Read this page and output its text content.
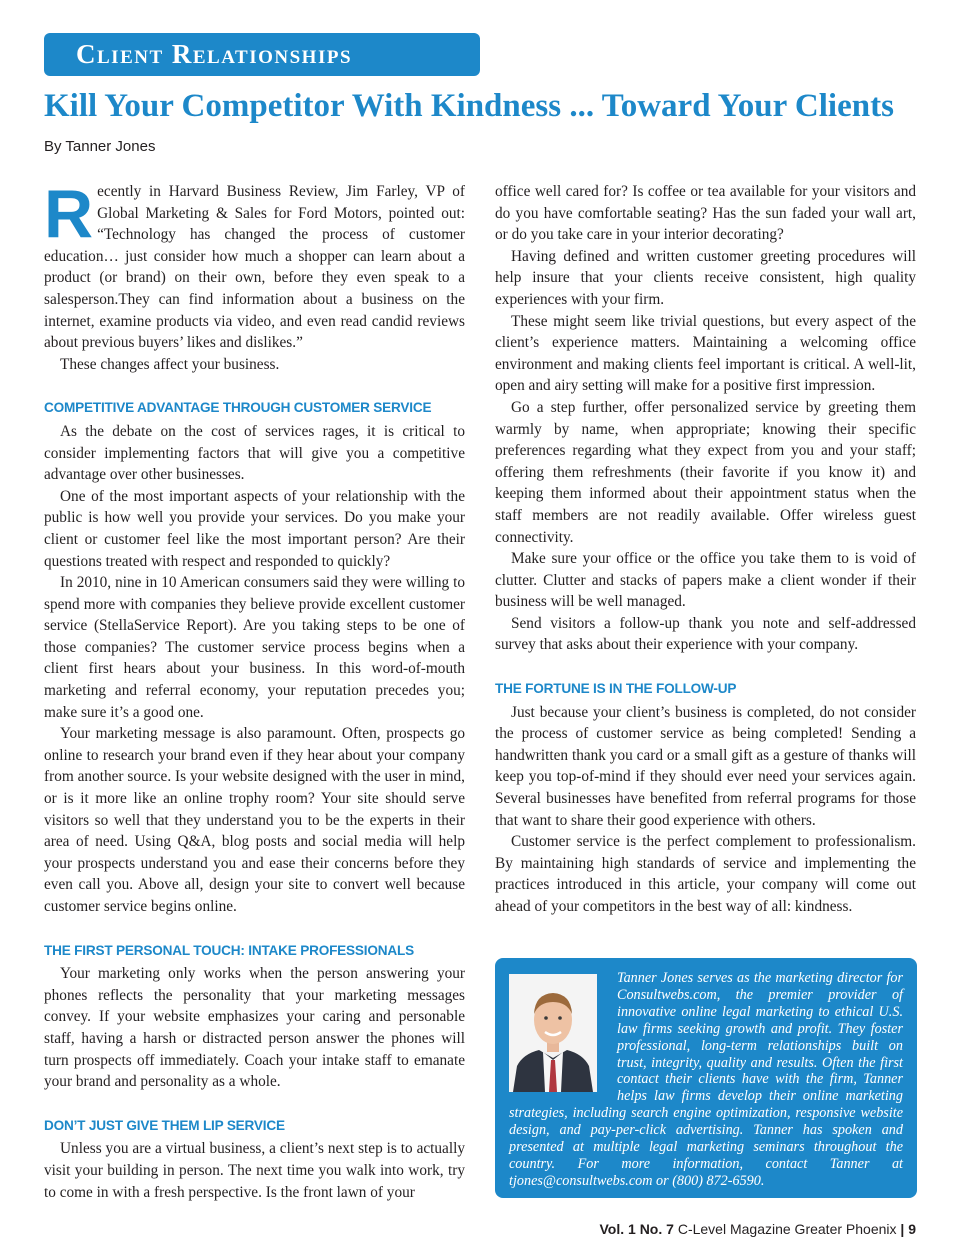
Client Relationships
Kill Your Competitor With Kindness ... Toward Your Clients
By Tanner Jones

Recently in Harvard Business Review, Jim Farley, VP of Global Marketing & Sales for Ford Motors, pointed out: “Technology has changed the process of customer education… just consider how much a shopper can learn about a product (or brand) on their own, before they even speak to a salesperson.They can find information about a business on the internet, examine products via video, and even read candid reviews about previous buyers’ likes and dislikes.”

These changes affect your business.

COMPETITIVE ADVANTAGE THROUGH CUSTOMER SERVICE

As the debate on the cost of services rages, it is critical to consider implementing factors that will give you a competitive advantage over other businesses.

One of the most important aspects of your relationship with the public is how well you provide your services. Do you make your client or customer feel like the most important person? Are their questions treated with respect and responded to quickly?

In 2010, nine in 10 American consumers said they were willing to spend more with companies they believe provide excellent customer service (StellaService Report). Are you taking steps to be one of those companies? The customer service process begins when a client first hears about your business. In this word-of-mouth marketing and referral economy, your reputation precedes you; make sure it’s a good one.

Your marketing message is also paramount. Often, prospects go online to research your brand even if they hear about your company from another source. Is your website designed with the user in mind, or is it more like an online trophy room? Your site should serve visitors so well that they understand you to be the experts in their area of need. Using Q&A, blog posts and social media will help your prospects understand you and ease their concerns before they even call you. Above all, design your site to convert well because customer service begins online.

THE FIRST PERSONAL TOUCH: INTAKE PROFESSIONALS

Your marketing only works when the person answering your phones reflects the personality that your marketing messages convey. If your website emphasizes your caring and personable staff, having a harsh or distracted person answer the phones will turn prospects off immediately. Coach your intake staff to emanate your brand and personality as a whole.

DON’T JUST GIVE THEM LIP SERVICE

Unless you are a virtual business, a client’s next step is to actually visit your building in person. The next time you walk into work, try to come in with a fresh perspective. Is the front lawn of your

office well cared for? Is coffee or tea available for your visitors and do you have comfortable seating? Has the sun faded your wall art, or do you take care in your interior decorating?

Having defined and written customer greeting procedures will help insure that your clients receive consistent, high quality experiences with your firm.

These might seem like trivial questions, but every aspect of the client’s experience matters. Maintaining a welcoming office environment and making clients feel important is critical. A well-lit, open and airy setting will make for a positive first impression.

Go a step further, offer personalized service by greeting them warmly by name, when appropriate; knowing their specific preferences regarding what they expect from you and your staff; offering them refreshments (their favorite if you know it) and keeping them informed about their appointment status when the staff members are not readily available. Offer wireless guest connectivity.

Make sure your office or the office you take them to is void of clutter. Clutter and stacks of papers make a client wonder if their business will be well managed.

Send visitors a follow-up thank you note and self-addressed survey that asks about their experience with your company.

THE FORTUNE IS IN THE FOLLOW-UP

Just because your client’s business is completed, do not consider the process of customer service as being completed! Sending a handwritten thank you card or a small gift as a gesture of thanks will keep you top-of-mind if they should ever need your services again. Several businesses have benefited from referral programs for those that want to share their good experience with others.

Customer service is the perfect complement to professionalism. By maintaining high standards of service and implementing the practices introduced in this article, your company will come out ahead of your competitors in the best way of all: kindness.

Tanner Jones serves as the marketing director for Consultwebs.com, the premier provider of innovative online legal marketing to ethical U.S. law firms seeking growth and profit. They foster professional, long-term relationships built on trust, integrity, quality and results. Often the first contact their clients have with the firm, Tanner helps law firms develop their online marketing strategies, including search engine optimization, responsive website design, and pay-per-click advertising. Tanner has spoken and presented at multiple legal marketing seminars throughout the country. For more information, contact Tanner at tjones@consultwebs.com or (800) 872-6590.
Vol. 1 No. 7 C-Level Magazine Greater Phoenix | 9
